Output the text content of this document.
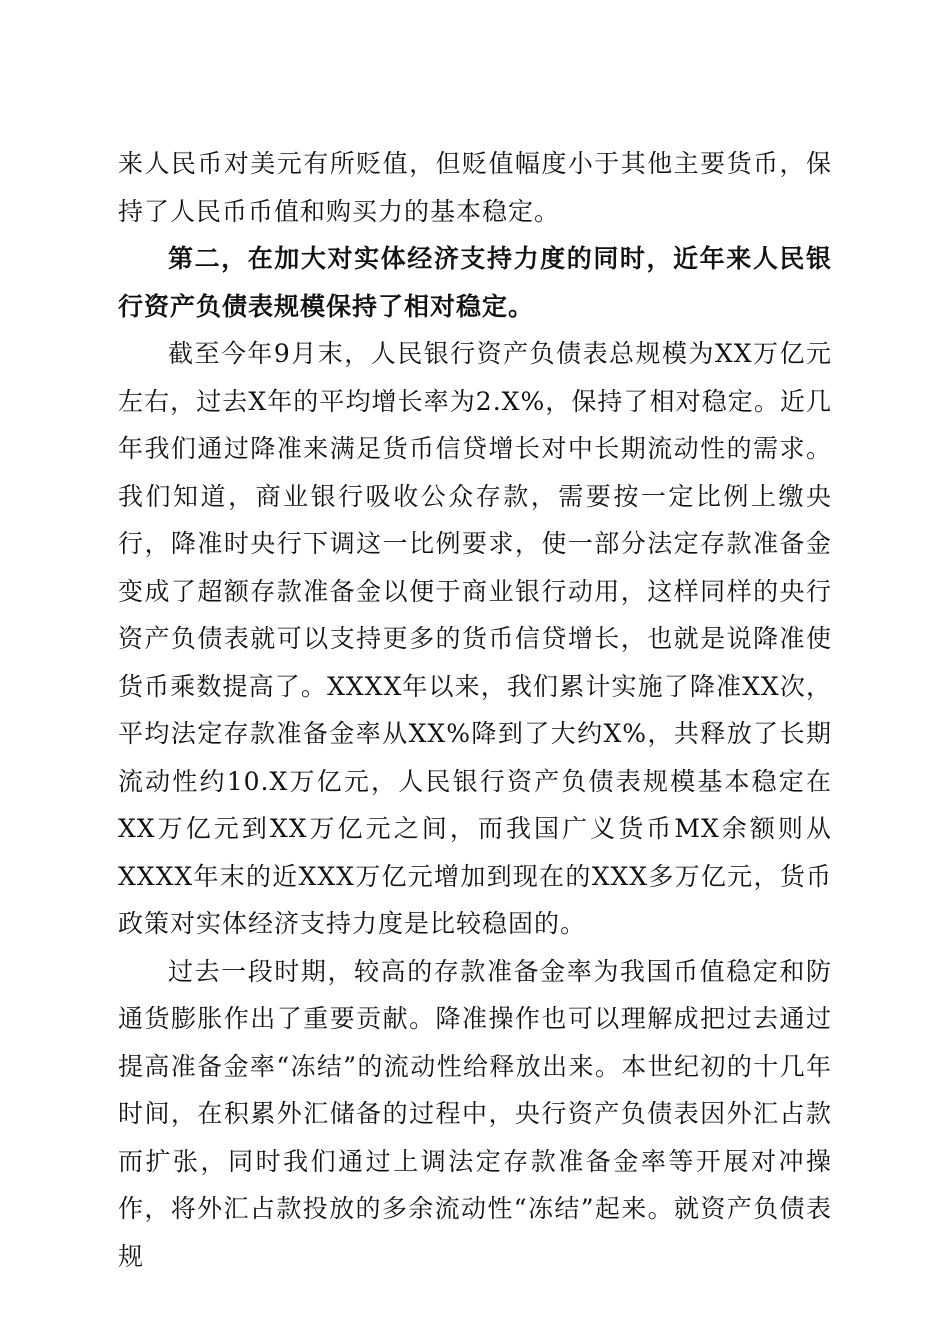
来人民币对美元有所贬值，但贬值幅度小于其他主要货币，保持了人民币币值和购买力的基本稳定。

第二，在加大对实体经济支持力度的同时，近年来人民银行资产负债表规模保持了相对稳定。

截至今年9月末，人民银行资产负债表总规模为XX万亿元左右，过去X年的平均增长率为2.X%，保持了相对稳定。近几年我们通过降准来满足货币信贷增长对中长期流动性的需求。我们知道，商业银行吸收公众存款，需要按一定比例上缴央行，降准时央行下调这一比例要求，使一部分法定存款准备金变成了超额存款准备金以便于商业银行动用，这样同样的央行资产负债表就可以支持更多的货币信贷增长，也就是说降准使货币乘数提高了。XXXX年以来，我们累计实施了降准XX次，平均法定存款准备金率从XX%降到了大约X%，共释放了长期流动性约10.X万亿元，人民银行资产负债表规模基本稳定在XX万亿元到XX万亿元之间，而我国广义货币MX余额则从XXXX年末的近XXX万亿元增加到现在的XXX多万亿元，货币政策对实体经济支持力度是比较稳固的。

过去一段时期，较高的存款准备金率为我国币值稳定和防通货膨胀作出了重要贡献。降准操作也可以理解成把过去通过提高准备金率“冻结”的流动性给释放出来。本世纪初的十几年时间，在积累外汇储备的过程中，央行资产负债表因外汇占款而扩张，同时我们通过上调法定存款准备金率等开展对冲操作，将外汇占款投放的多余流动性“冻结”起来。就资产负债表规
